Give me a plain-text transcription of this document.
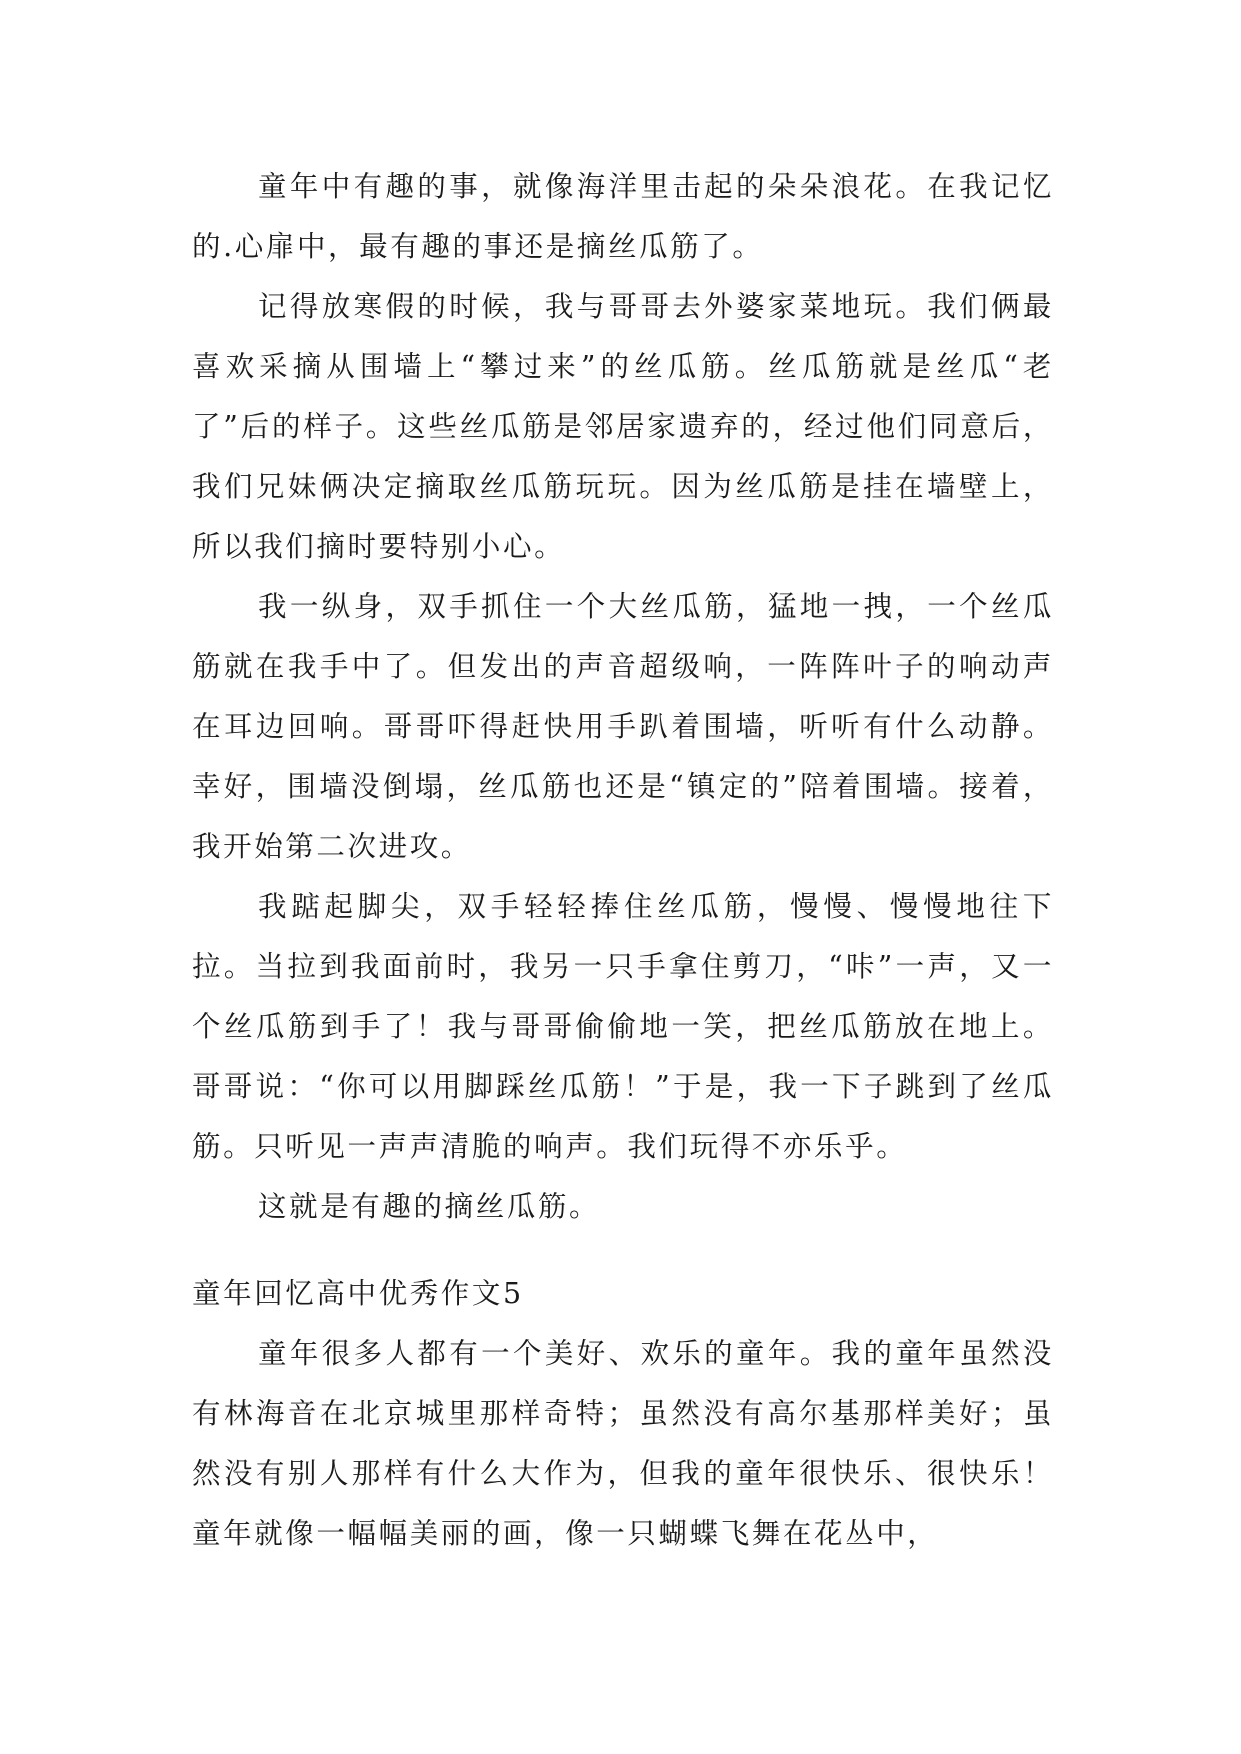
童年中有趣的事，就像海洋里击起的朵朵浪花。在我记忆的.心扉中，最有趣的事还是摘丝瓜筋了。

记得放寒假的时候，我与哥哥去外婆家菜地玩。我们俩最喜欢采摘从围墙上“攀过来”的丝瓜筋。丝瓜筋就是丝瓜“老了”后的样子。这些丝瓜筋是邻居家遗弃的，经过他们同意后，我们兄妹俩决定摘取丝瓜筋玩玩。因为丝瓜筋是挂在墙壁上，所以我们摘时要特别小心。

我一纵身，双手抓住一个大丝瓜筋，猛地一拽，一个丝瓜筋就在我手中了。但发出的声音超级响，一阵阵叶子的响动声在耳边回响。哥哥吓得赶快用手趴着围墙，听听有什么动静。幸好，围墙没倒塌，丝瓜筋也还是“镇定的”陪着围墙。接着，我开始第二次进攻。

我踮起脚尖，双手轻轻捧住丝瓜筋，慢慢、慢慢地往下拉。当拉到我面前时，我另一只手拿住剪刀，“咔”一声，又一个丝瓜筋到手了！我与哥哥偷偷地一笑，把丝瓜筋放在地上。哥哥说：“你可以用脚踩丝瓜筋！”于是，我一下子跳到了丝瓜筋。只听见一声声清脆的响声。我们玩得不亦乐乎。

这就是有趣的摘丝瓜筋。

童年回忆高中优秀作文5

童年很多人都有一个美好、欢乐的童年。我的童年虽然没有林海音在北京城里那样奇特；虽然没有高尔基那样美好；虽然没有别人那样有什么大作为，但我的童年很快乐、很快乐！童年就像一幅幅美丽的画，像一只蝴蝶飞舞在花丛中，
